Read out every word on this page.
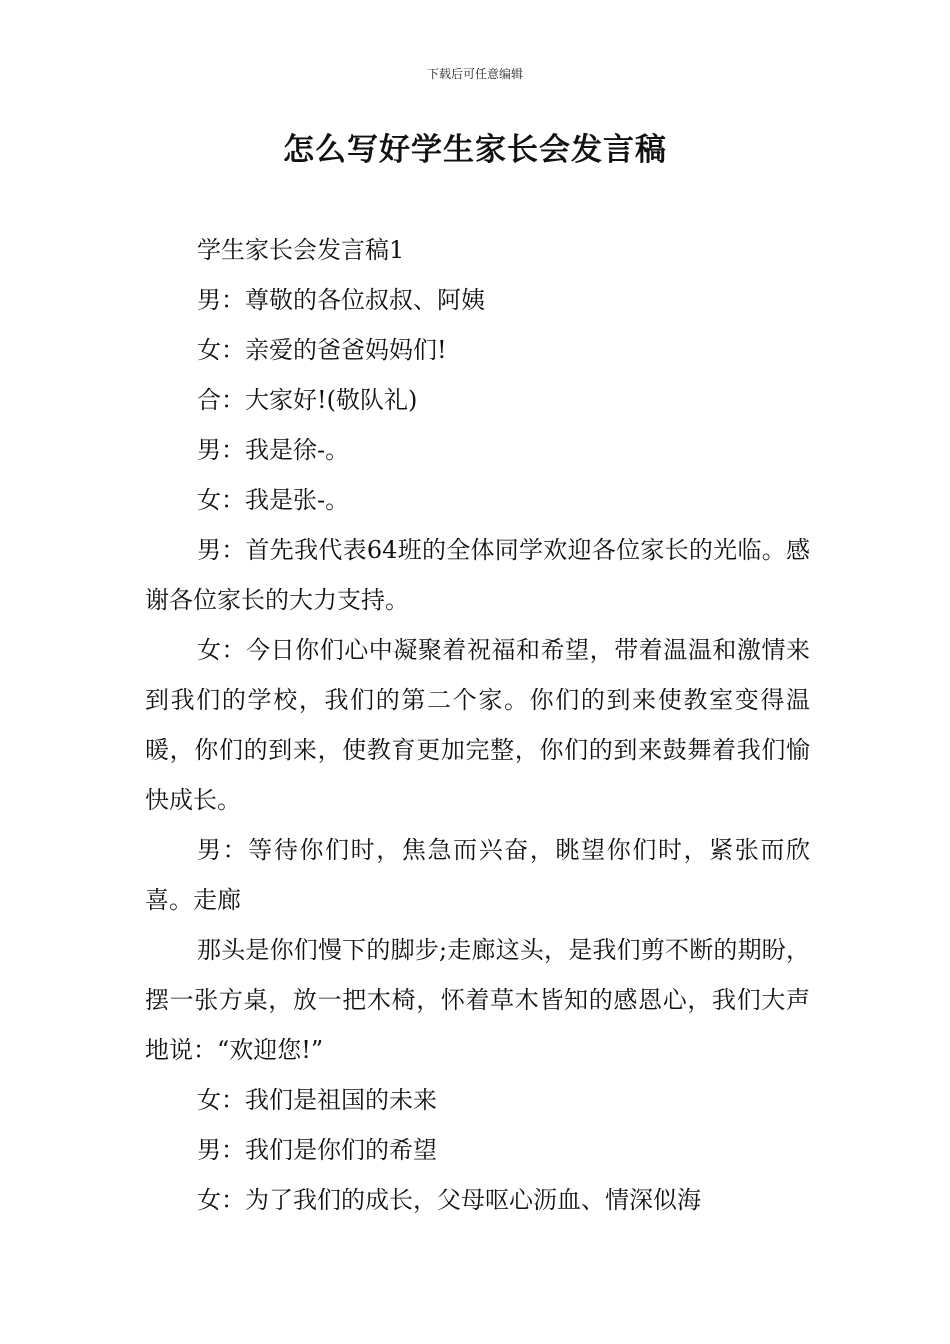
下载后可任意编辑
怎么写好学生家长会发言稿

学生家长会发言稿1

男：尊敬的各位叔叔、阿姨

女：亲爱的爸爸妈妈们!

合：大家好!(敬队礼)

男：我是徐-。

女：我是张-。

男：首先我代表64班的全体同学欢迎各位家长的光临。感谢各位家长的大力支持。

女：今日你们心中凝聚着祝福和希望，带着温温和激情来到我们的学校，我们的第二个家。你们的到来使教室变得温暖，你们的到来，使教育更加完整，你们的到来鼓舞着我们愉快成长。

男：等待你们时，焦急而兴奋，眺望你们时，紧张而欣喜。走廊

那头是你们慢下的脚步;走廊这头，是我们剪不断的期盼，摆一张方桌，放一把木椅，怀着草木皆知的感恩心，我们大声地说：“欢迎您!”

女：我们是祖国的未来

男：我们是你们的希望

女：为了我们的成长，父母呕心沥血、情深似海
